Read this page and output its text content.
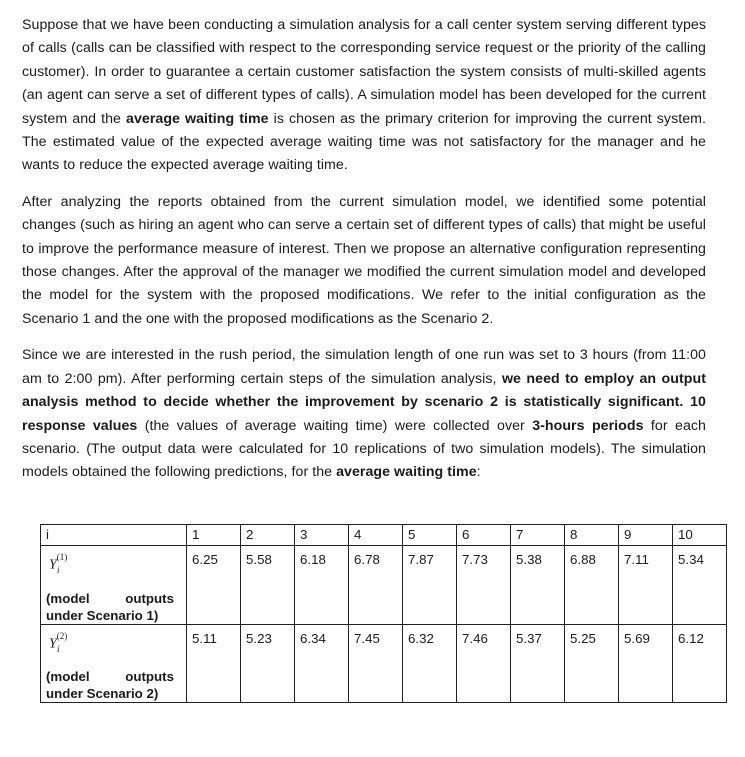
Suppose that we have been conducting a simulation analysis for a call center system serving different types of calls (calls can be classified with respect to the corresponding service request or the priority of the calling customer). In order to guarantee a certain customer satisfaction the system consists of multi-skilled agents (an agent can serve a set of different types of calls). A simulation model has been developed for the current system and the average waiting time is chosen as the primary criterion for improving the current system. The estimated value of the expected average waiting time was not satisfactory for the manager and he wants to reduce the expected average waiting time.

After analyzing the reports obtained from the current simulation model, we identified some potential changes (such as hiring an agent who can serve a certain set of different types of calls) that might be useful to improve the performance measure of interest. Then we propose an alternative configuration representing those changes. After the approval of the manager we modified the current simulation model and developed the model for the system with the proposed modifications. We refer to the initial configuration as the Scenario 1 and the one with the proposed modifications as the Scenario 2.

Since we are interested in the rush period, the simulation length of one run was set to 3 hours (from 11:00 am to 2:00 pm). After performing certain steps of the simulation analysis, we need to employ an output analysis method to decide whether the improvement by scenario 2 is statistically significant. 10 response values (the values of average waiting time) were collected over 3-hours periods for each scenario. (The output data were calculated for 10 replications of two simulation models). The simulation models obtained the following predictions, for the average waiting time:

i	1	2	3	4	5	6	7	8	9	10
$Y^{(1)}$
i
(model outputs
under Scenario 1)	6.25	5.58	6.18	6.78	7.87	7.73	5.38	6.88	7.11	5.34
$Y^{(2)}$
i
(model outputs
under Scenario 2)	5.11	5.23	6.34	7.45	6.32	7.46	5.37	5.25	5.69	6.12
